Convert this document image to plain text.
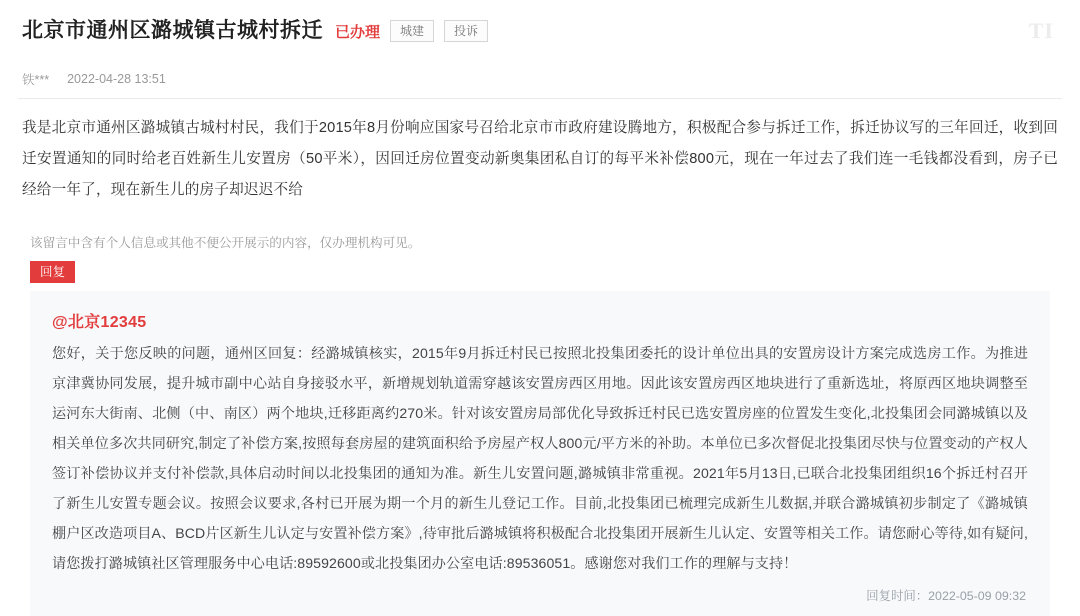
TI
北京市通州区潞城镇古城村拆迁 已办理	城建	投诉
铁*** 2022-04-28 13:51
我是北京市通州区潞城镇古城村村民，我们于2015年8月份响应国家号召给北京市市政府建设腾地方，积极配合参与拆迁工作，拆迁协议写的三年回迁，收到回迁安置通知的同时给老百姓新生儿安置房（50平米），因回迁房位置变动新奥集团私自订的每平米补偿800元，现在一年过去了我们连一毛钱都没看到，房子已经给一年了，现在新生儿的房子却迟迟不给
该留言中含有个人信息或其他不便公开展示的内容，仅办理机构可见。
回复
@北京12345
您好，关于您反映的问题，通州区回复：经潞城镇核实，2015年9月拆迁村民已按照北投集团委托的设计单位出具的安置房设计方案完成选房工作。为推进京津冀协同发展，提升城市副中心站自身接驳水平，新增规划轨道需穿越该安置房西区用地。因此该安置房西区地块进行了重新选址，将原西区地块调整至运河东大街南、北侧（中、南区）两个地块,迁移距离约270米。针对该安置房局部优化导致拆迁村民已选安置房座的位置发生变化,北投集团会同潞城镇以及相关单位多次共同研究,制定了补偿方案,按照每套房屋的建筑面积给予房屋产权人800元/平方米的补助。本单位已多次督促北投集团尽快与位置变动的产权人签订补偿协议并支付补偿款,具体启动时间以北投集团的通知为准。新生儿安置问题,潞城镇非常重视。2021年5月13日,已联合北投集团组织16个拆迁村召开了新生儿安置专题会议。按照会议要求,各村已开展为期一个月的新生儿登记工作。目前,北投集团已梳理完成新生儿数据,并联合潞城镇初步制定了《潞城镇棚户区改造项目A、BCD片区新生儿认定与安置补偿方案》,待审批后潞城镇将积极配合北投集团开展新生儿认定、安置等相关工作。请您耐心等待,如有疑问,请您拨打潞城镇社区管理服务中心电话:89592600或北投集团办公室电话:89536051。感谢您对我们工作的理解与支持！
回复时间：2022-05-09 09:32
